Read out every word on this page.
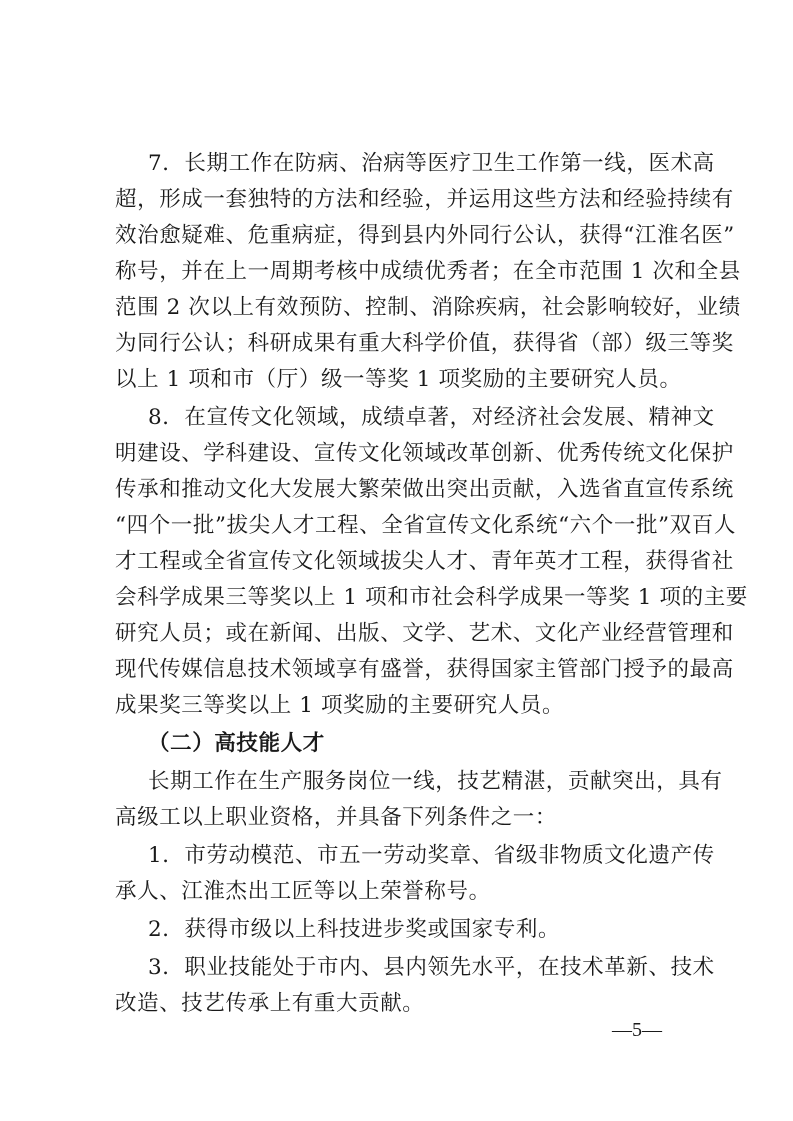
7．长期工作在防病、治病等医疗卫生工作第一线，医术高
超，形成一套独特的方法和经验，并运用这些方法和经验持续有
效治愈疑难、危重病症，得到县内外同行公认，获得“江淮名医”
称号，并在上一周期考核中成绩优秀者；在全市范围 1 次和全县
范围 2 次以上有效预防、控制、消除疾病，社会影响较好，业绩
为同行公认；科研成果有重大科学价值，获得省（部）级三等奖
以上 1 项和市（厅）级一等奖 1 项奖励的主要研究人员。
8．在宣传文化领域，成绩卓著，对经济社会发展、精神文
明建设、学科建设、宣传文化领域改革创新、优秀传统文化保护
传承和推动文化大发展大繁荣做出突出贡献，入选省直宣传系统
“四个一批”拔尖人才工程、全省宣传文化系统“六个一批”双百人
才工程或全省宣传文化领域拔尖人才、青年英才工程，获得省社
会科学成果三等奖以上 1 项和市社会科学成果一等奖 1 项的主要
研究人员；或在新闻、出版、文学、艺术、文化产业经营管理和
现代传媒信息技术领域享有盛誉，获得国家主管部门授予的最高
成果奖三等奖以上 1 项奖励的主要研究人员。
（二）高技能人才
长期工作在生产服务岗位一线，技艺精湛，贡献突出，具有
高级工以上职业资格，并具备下列条件之一：
1．市劳动模范、市五一劳动奖章、省级非物质文化遗产传
承人、江淮杰出工匠等以上荣誉称号。
2．获得市级以上科技进步奖或国家专利。
3．职业技能处于市内、县内领先水平，在技术革新、技术
改造、技艺传承上有重大贡献。
—5—
